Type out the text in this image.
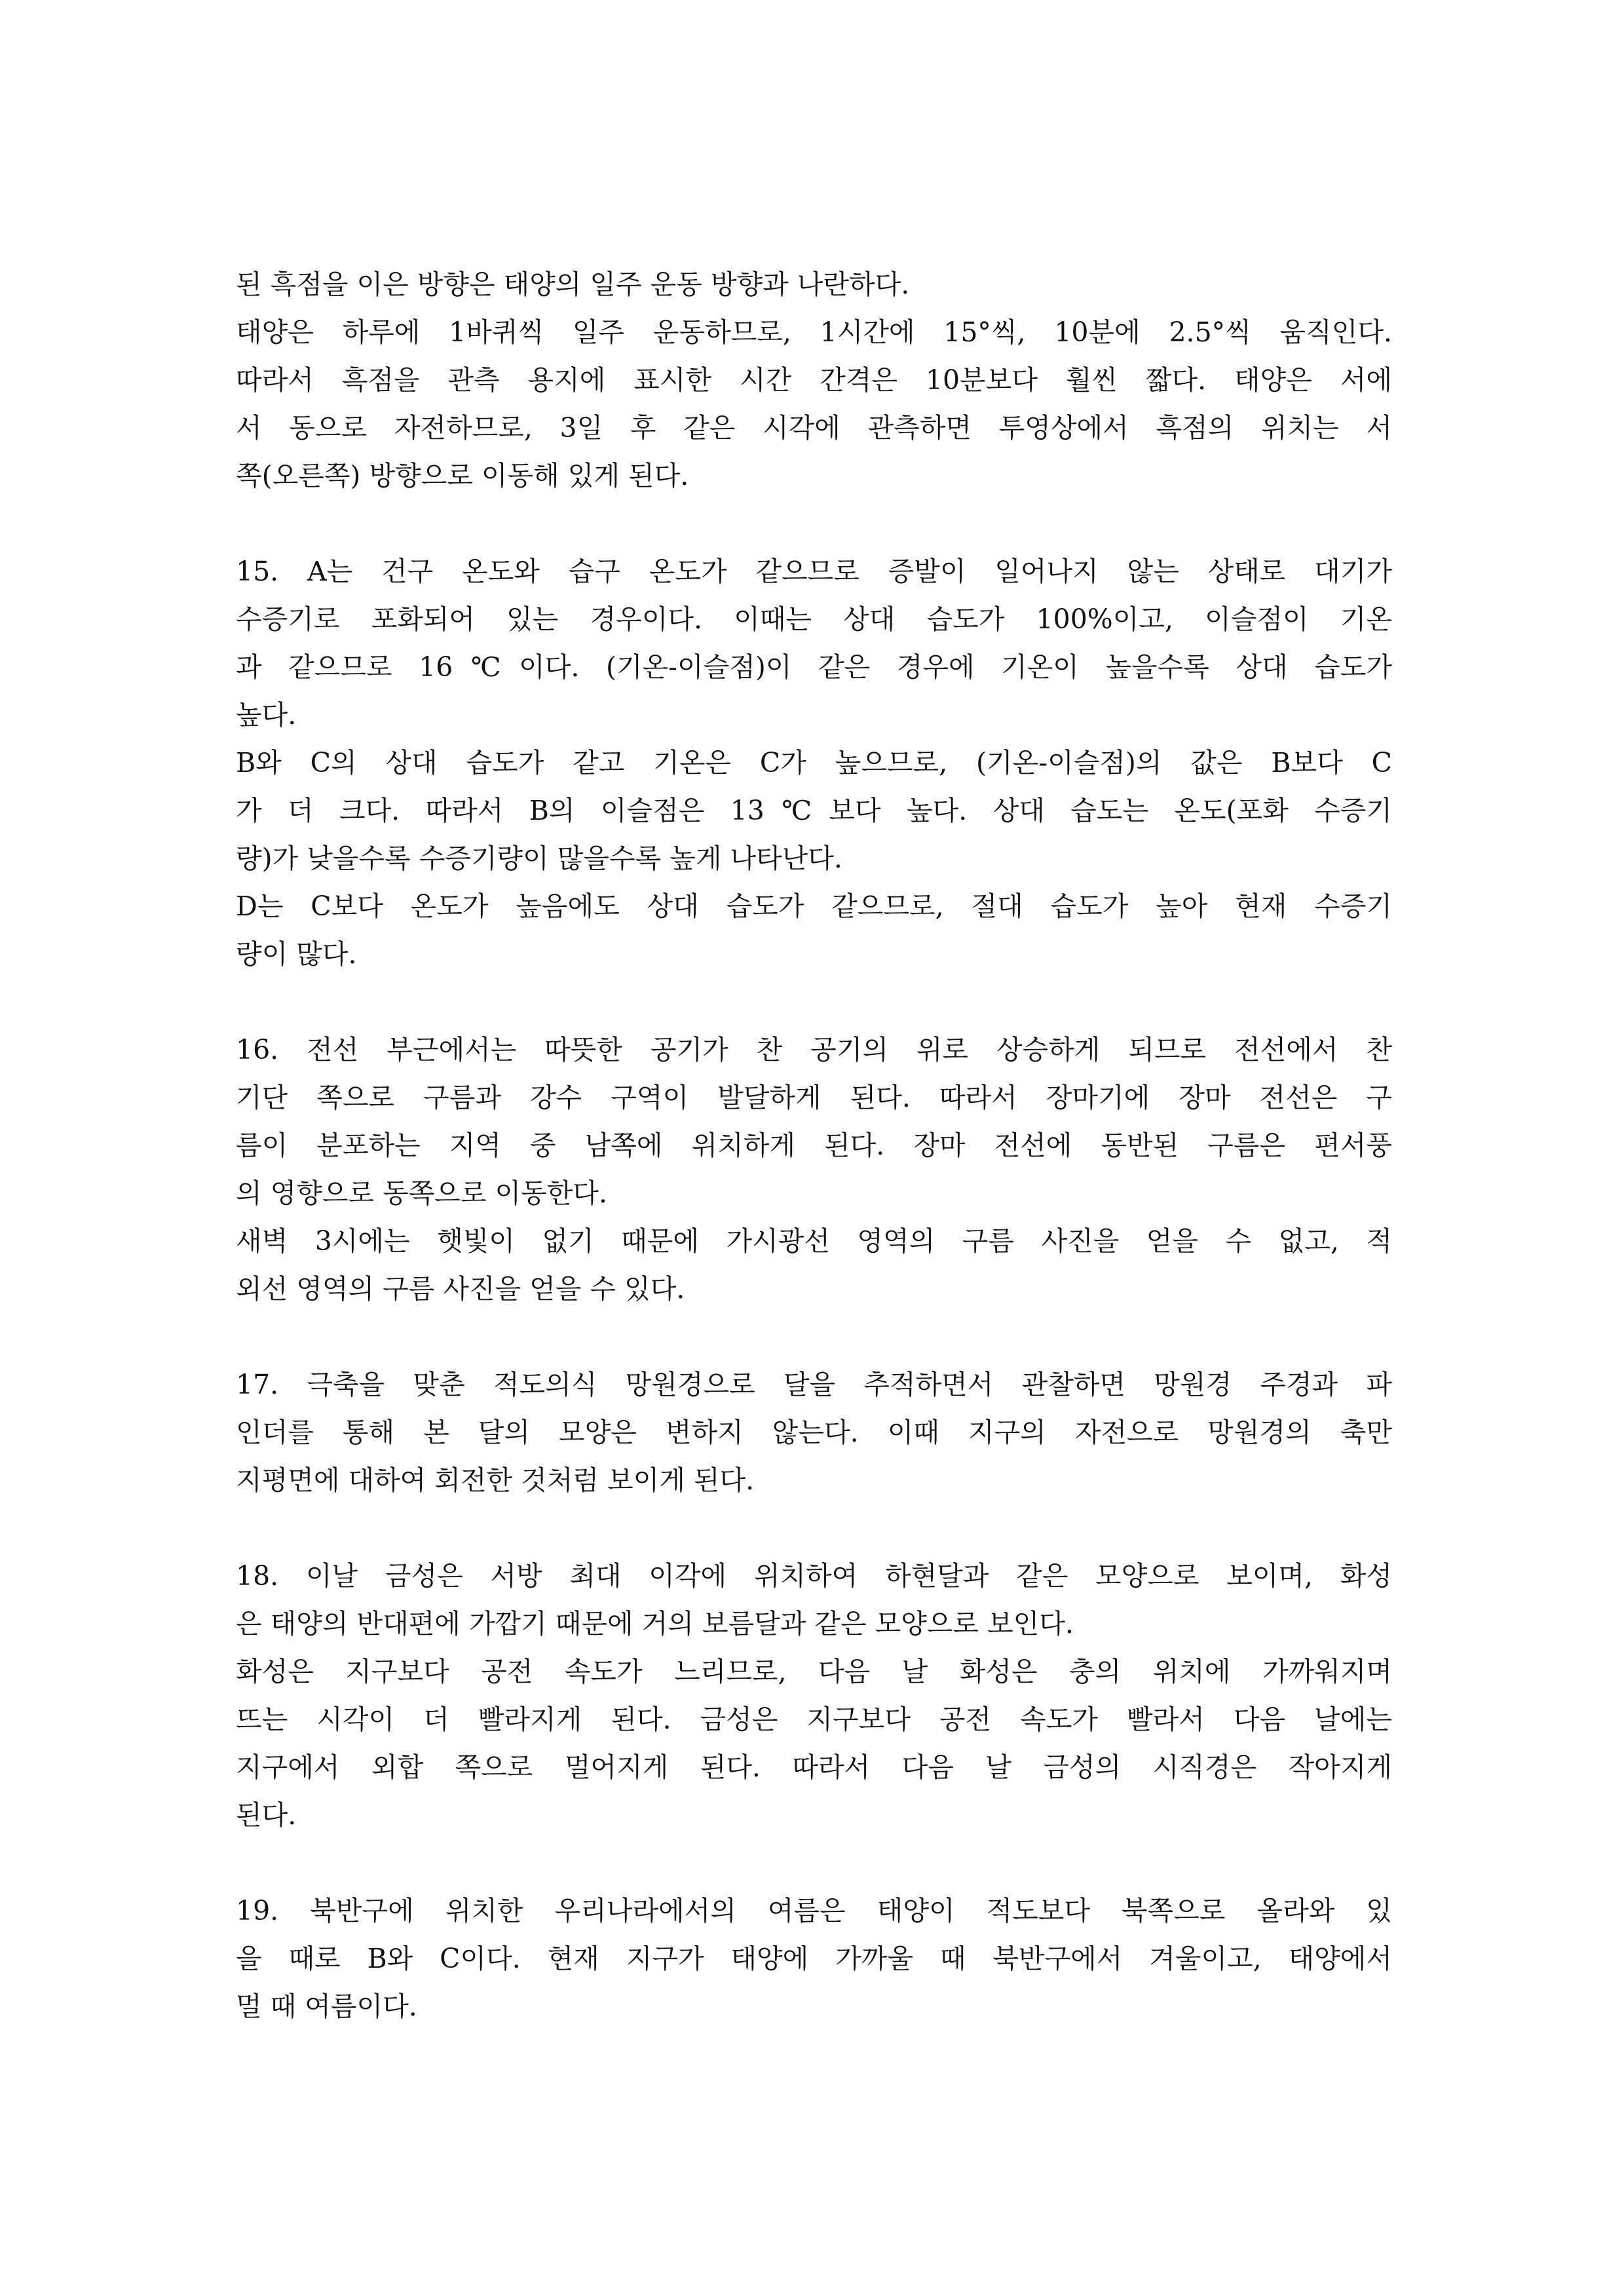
된 흑점을 이은 방향은 태양의 일주 운동 방향과 나란하다.
태양은 하루에 1바퀴씩 일주 운동하므로, 1시간에 15°씩, 10분에 2.5°씩 움직인다.
따라서 흑점을 관측 용지에 표시한 시간 간격은 10분보다 훨씬 짧다. 태양은 서에
서 동으로 자전하므로, 3일 후 같은 시각에 관측하면 투영상에서 흑점의 위치는 서
쪽(오른쪽) 방향으로 이동해 있게 된다.
15. A는 건구 온도와 습구 온도가 같으므로 증발이 일어나지 않는 상태로 대기가
수증기로 포화되어 있는 경우이다. 이때는 상대 습도가 100%이고, 이슬점이 기온
과 같으므로 16℃이다. (기온-이슬점)이 같은 경우에 기온이 높을수록 상대 습도가
높다.
B와 C의 상대 습도가 같고 기온은 C가 높으므로, (기온-이슬점)의 값은 B보다 C
가 더 크다. 따라서 B의 이슬점은 13℃보다 높다. 상대 습도는 온도(포화 수증기
량)가 낮을수록 수증기량이 많을수록 높게 나타난다.
D는 C보다 온도가 높음에도 상대 습도가 같으므로, 절대 습도가 높아 현재 수증기
량이 많다.
16. 전선 부근에서는 따뜻한 공기가 찬 공기의 위로 상승하게 되므로 전선에서 찬
기단 쪽으로 구름과 강수 구역이 발달하게 된다. 따라서 장마기에 장마 전선은 구
름이 분포하는 지역 중 남쪽에 위치하게 된다. 장마 전선에 동반된 구름은 편서풍
의 영향으로 동쪽으로 이동한다.
새벽 3시에는 햇빛이 없기 때문에 가시광선 영역의 구름 사진을 얻을 수 없고, 적
외선 영역의 구름 사진을 얻을 수 있다.
17. 극축을 맞춘 적도의식 망원경으로 달을 추적하면서 관찰하면 망원경 주경과 파
인더를 통해 본 달의 모양은 변하지 않는다. 이때 지구의 자전으로 망원경의 축만
지평면에 대하여 회전한 것처럼 보이게 된다.
18. 이날 금성은 서방 최대 이각에 위치하여 하현달과 같은 모양으로 보이며, 화성
은 태양의 반대편에 가깝기 때문에 거의 보름달과 같은 모양으로 보인다.
화성은 지구보다 공전 속도가 느리므로, 다음 날 화성은 충의 위치에 가까워지며
뜨는 시각이 더 빨라지게 된다. 금성은 지구보다 공전 속도가 빨라서 다음 날에는
지구에서 외합 쪽으로 멀어지게 된다. 따라서 다음 날 금성의 시직경은 작아지게
된다.
19. 북반구에 위치한 우리나라에서의 여름은 태양이 적도보다 북쪽으로 올라와 있
을 때로 B와 C이다. 현재 지구가 태양에 가까울 때 북반구에서 겨울이고, 태양에서
멀 때 여름이다.
